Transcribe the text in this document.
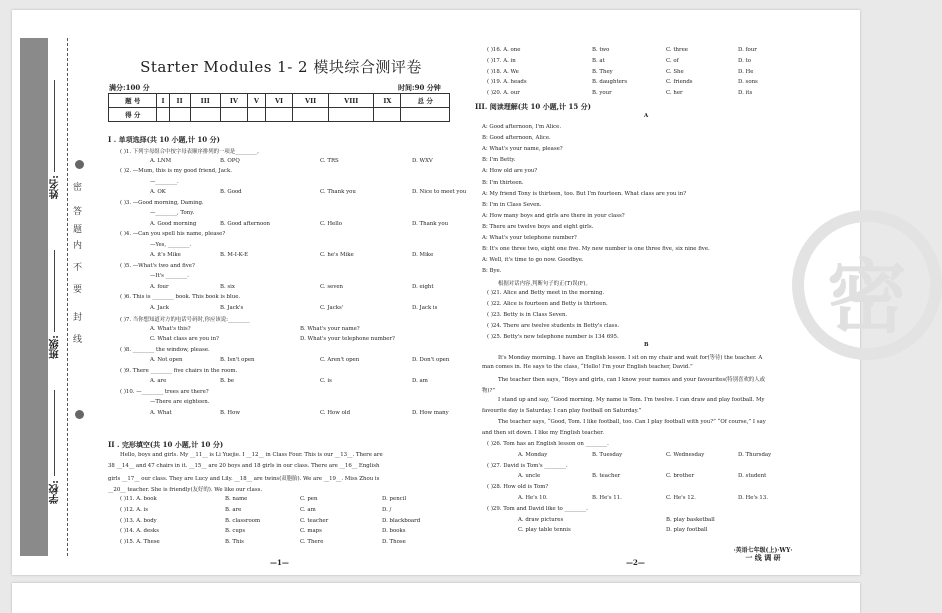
学校:
班级:
姓名: 密
封
线
内
不
要
答
题
Starter Modules 1- 2 模块综合测评卷
满分:100 分	时间:90 分钟
题 号	I	II	III	IV	V	VI	VII	VIII	IX	总 分
得 分										
I . 单项选择(共 10 小题,计 10 分)
( )1. 下列字母组合中按字母表顺序排列的一项是________。
A. LNM	B. OPQ	C. TRS	D. WXV
( )2. —Mum, this is my good friend, Jack.
—________.
A. OK	B. Good	C. Thank you	D. Nice to meet you
( )3. —Good morning, Daming.
—________, Tony.
A. Good morning	B. Good afternoon	C. Hello	D. Thank you
( )4. —Can you spell his name, please?
—Yes, ________.
A. it's Mike	B. M-I-K-E	C. he's Mike	D. Mike
( )5. —What's two and five?
—It's ________.
A. four	B. six	C. seven	D. eight
( )6. This is ________ book. This book is blue.
A. Jack	B. Jack's	C. Jacks'	D. Jack is
( )7. 当你想知道对方的电话号码时,你应该说:________
A. What's this?	B. What's your name?
C. What class are you in?	D. What's your telephone number?
( )8. ________ the window, please.
A. Not open	B. Isn't open	C. Aren't open	D. Don't open
( )9. There ________ five chairs in the room.
A. are	B. be	C. is	D. am
( )10. —________ trees are there?
—There are eighteen.
A. What	B. How	C. How old	D. How many
II . 完形填空(共 10 小题,计 10 分)
Hello, boys and girls. My __11__ is Li Yuejie. I __12__ in Class Four. This is our __13__. There are
38 __14__ and 47 chairs in it. __15__ are 20 boys and 18 girls in our class. There are __16__ English
girls __17__ our class. They are Lucy and Lily. __18__ are twins(双胞胎). We are __19__. Miss Zhou is
__20__ teacher. She is friendly(友好的). We like our class.
( )11. A. book	B. name	C. pen	D. pencil
( )12. A. is	B. are	C. am	D. /
( )13. A. body	B. classroom	C. teacher	D. blackboard
( )14. A. desks	B. cups	C. maps	D. books
( )15. A. These	B. This	C. There	D. Those
—1—
密
( )16. A. one	B. two	C. three	D. four
( )17. A. in	B. at	C. of	D. to
( )18. A. We	B. They	C. She	D. He
( )19. A. heads	B. daughters	C. friends	D. sons
( )20. A. our	B. your	C. her	D. its
A
A: Good afternoon, I'm Alice.
B: Good afternoon, Alice.
A: What's your name, please?
B: I'm Betty.
A: How old are you?
B: I'm thirteen.
A: My friend Tony is thirteen, too. But I'm fourteen. What class are you in?
B: I'm in Class Seven.
A: How many boys and girls are there in your class?
B: There are twelve boys and eight girls.
A: What's your telephone number?
B: It's one three two, eight one five. My new number is one three five, six nine five.
A: Well, it's time to go now. Goodbye.
B: Bye.
根据对话内容,判断句子的正(T)误(F)。
( )21. Alice and Betty meet in the morning.
( )22. Alice is fourteen and Betty is thirteen.
( )23. Betty is in Class Seven.
( )24. There are twelve students in Betty's class.
( )25. Betty's new telephone number is 134 695.
B
It's Monday morning. I have an English lesson. I sit on my chair and wait for(等待) the teacher. A
man comes in. He says to the class, “Hello! I'm your English teacher, David.”
The teacher then says, “Boys and girls, can I know your names and your favourites(特别喜欢的人或
物)?”
I stand up and say, “Good morning. My name is Tom. I'm twelve. I can draw and play football. My
favourite day is Saturday. I can play football on Saturday.”
The teacher says, “Good, Tom. I like football, too. Can I play football with you?” “Of course,” I say
and then sit down. I like my English teacher.
( )26. Tom has an English lesson on ________.
A. Monday	B. Tuesday	C. Wednesday	D. Thursday
( )27. David is Tom's ________.
A. uncle	B. teacher	C. brother	D. student
( )28. How old is Tom?
A. He's 10.	B. He's 11.	C. He's 12.	D. He's 13.
( )29. Tom and David like to ________.
A. draw pictures	B. play basketball
C. play table tennis	D. play football
III. 阅读理解(共 10 小题,计 15 分)
—2—
·英语七年级(上)·WY·
一 线 调 研
